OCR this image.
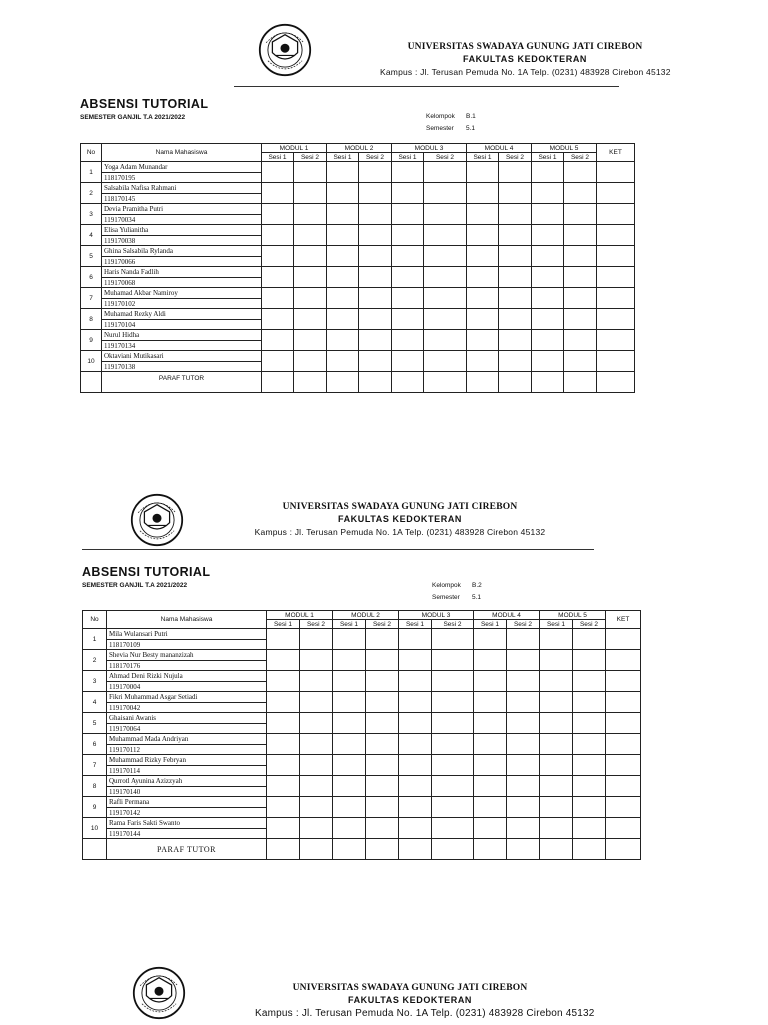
UNIVERSITAS SWADAYA GUNUNG JATI CIREBON
FAKULTAS KEDOKTERAN
Kampus : Jl. Terusan Pemuda No. 1A Telp. (0231) 483928 Cirebon 45132
ABSENSI TUTORIAL
SEMESTER GANJIL T.A 2021/2022	Kelompok B.1
Semester 5.1
No	Nama Mahasiswa	MODUL 1		MODUL 2		MODUL 3		MODUL 4		MODUL 5		KET
		Sesi 1	Sesi 2	Sesi 1	Sesi 2	Sesi 1	Sesi 2	Sesi 1	Sesi 2	Sesi 1	Sesi 2	
1	Yoga Adam Munandar											
	118170195											
2	Salsabila Nafisa Rahmani											
	118170145											
3	Devia Pramitha Putri											
	119170034											
4	Elisa Yulianitha											
	119170038											
5	Ghina Salsabila Rylanda											
	119170066											
6	Haris Nanda Fadlih											
	119170068											
7	Muhamad Akbar Namiroy											
	119170102											
8	Muhamad Rezky Aldi											
	119170104											
9	Nurul Hidha											
	119170134											
10	Oktaviani Mutikasari											
	119170138											
	PARAF TUTOR											
UNIVERSITAS SWADAYA GUNUNG JATI CIREBON
FAKULTAS KEDOKTERAN
Kampus : Jl. Terusan Pemuda No. 1A Telp. (0231) 483928 Cirebon 45132
ABSENSI TUTORIAL
SEMESTER GANJIL T.A 2021/2022	Kelompok B.2
Semester 5.1
No	Nama Mahasiswa	MODUL 1		MODUL 2		MODUL 3		MODUL 4		MODUL 5		KET
		Sesi 1	Sesi 2	Sesi 1	Sesi 2	Sesi 1	Sesi 2	Sesi 1	Sesi 2	Sesi 1	Sesi 2	
1	Mila Wulansari Putri											
	118170109											
2	Shevia Nur Besty mananzizah											
	118170176											
3	Ahmad Deni Rizki Nujula											
	119170004											
4	Fikri Muhammad Asgar Setiadi											
	119170042											
5	Ghaisani Awanis											
	119170064											
6	Muhammad Mada Andriyan											
	119170112											
7	Muhammad Rizky Febryan											
	119170114											
8	Qurrotl Ayunina Azizzyah											
	119170140											
9	Rafli Permana											
	119170142											
10	Rama Faris Sakti Swanto											
	119170144											
	PARAF TUTOR											
UNIVERSITAS SWADAYA GUNUNG JATI CIREBON
FAKULTAS KEDOKTERAN
Kampus : Jl. Terusan Pemuda No. 1A Telp. (0231) 483928 Cirebon 45132
